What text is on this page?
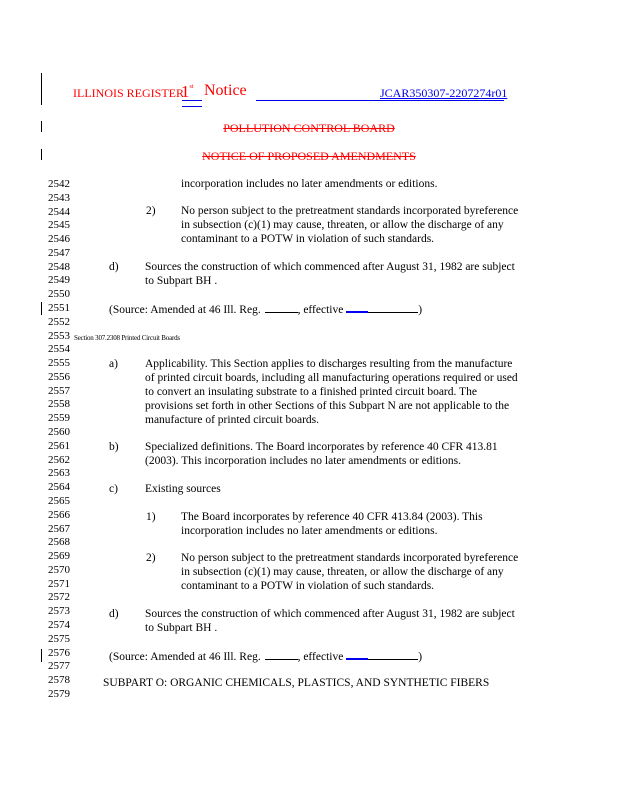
ILLINOIS REGISTER
1st Notice	JCAR350307-2207274r01
POLLUTION CONTROL BOARD
NOTICE OF PROPOSED AMENDMENTS
2542
2543
2544
2545
2546
2547
2548
2549
2550
2551
2552
2553
2554
2555
2556
2557
2558
2559
2560
2561
2562
2563
2564
2565
2566
2567
2568
2569
2570
2571
2572
2573
2574
2575
2576
2577
2578
2579
incorporation includes no later amendments or editions.
2) No person subject to the pretreatment standards incorporated byreference
in subsection (c)(1) may cause, threaten, or allow the discharge of any
contaminant to a POTW in violation of such standards.
d) Sources the construction of which commenced after August 31, 1982 are subject
to Subpart BH .
(Source: Amended at 46 Ill. Reg.	, effective	)
Section 307.2308 Printed Circuit Boards
a) Applicability. This Section applies to discharges resulting from the manufacture
of printed circuit boards, including all manufacturing operations required or used
to convert an insulating substrate to a finished printed circuit board. The
provisions set forth in other Sections of this Subpart N are not applicable to the
manufacture of printed circuit boards.
b) Specialized definitions. The Board incorporates by reference 40 CFR 413.81
(2003). This incorporation includes no later amendments or editions.
c) Existing sources
1) The Board incorporates by reference 40 CFR 413.84 (2003). This
incorporation includes no later amendments or editions.
2) No person subject to the pretreatment standards incorporated byreference
in subsection (c)(1) may cause, threaten, or allow the discharge of any
contaminant to a POTW in violation of such standards.
d) Sources the construction of which commenced after August 31, 1982 are subject
to Subpart BH .
(Source: Amended at 46 Ill. Reg.	, effective	)
SUBPART O: ORGANIC CHEMICALS, PLASTICS, AND SYNTHETIC FIBERS
